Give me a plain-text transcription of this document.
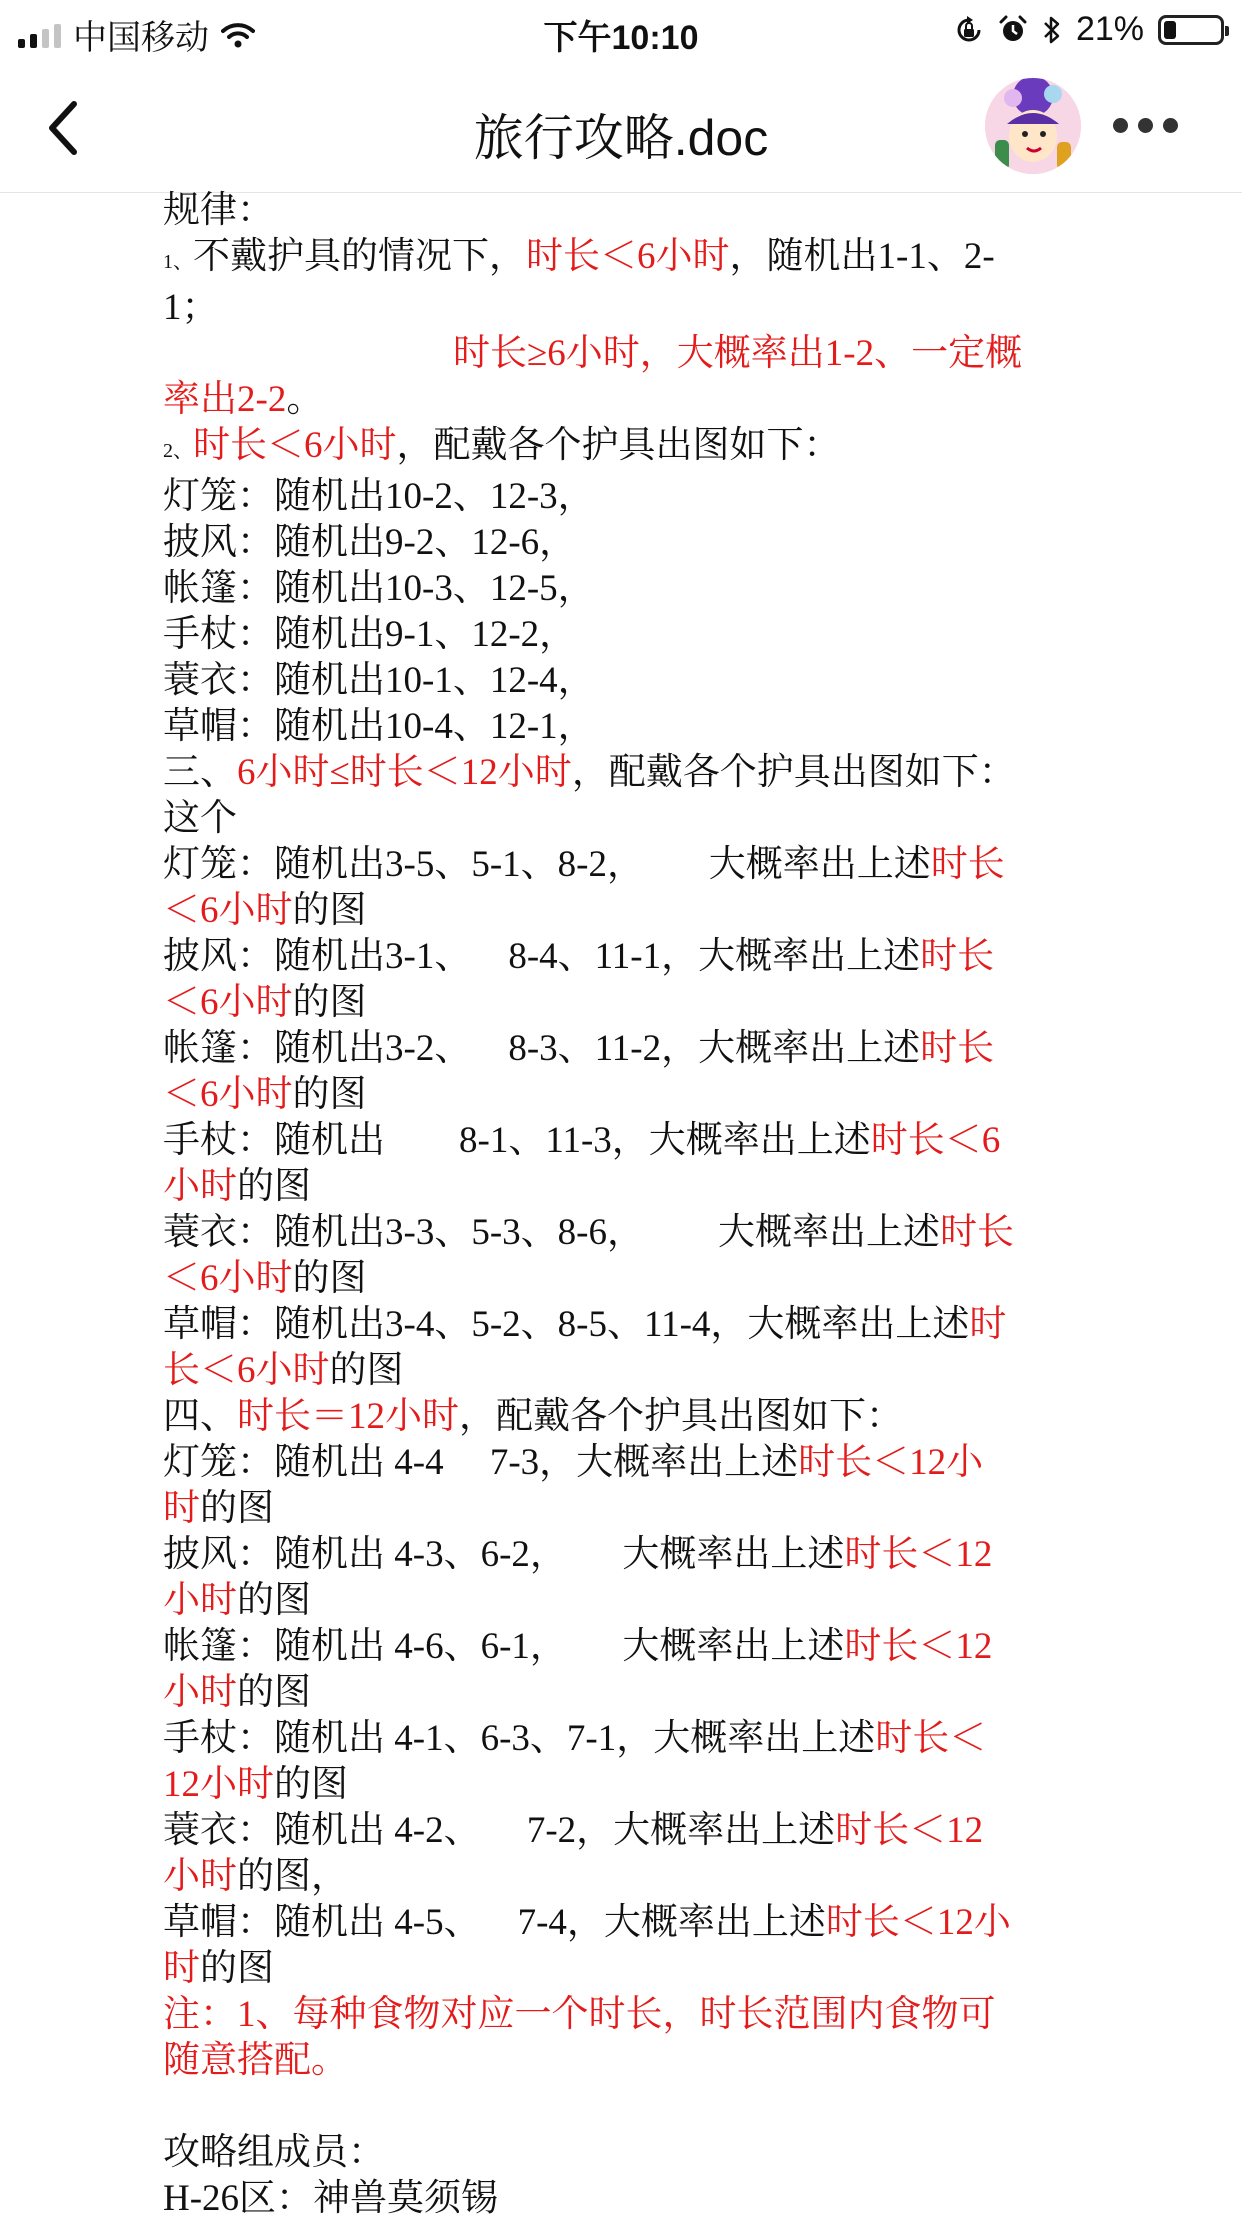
中国移动	下午10:10	21%
旅行攻略.doc

规律：

1、不戴护具的情况下，时长＜6小时，随机出1-1、2-

1；

时长≥6小时，大概率出1-2、一定概

率出2-2。

2、时长＜6小时，配戴各个护具出图如下：

灯笼：随机出10-2、12-3，

披风：随机出9-2、12-6，

帐篷：随机出10-3、12-5，

手杖：随机出9-1、12-2，

蓑衣：随机出10-1、12-4，

草帽：随机出10-4、12-1，

三、6小时≤时长＜12小时，配戴各个护具出图如下：

这个

灯笼：随机出3-5、5-1、8-2，       大概率出上述时长

＜6小时的图

披风：随机出3-1、    8-4、11-1，大概率出上述时长

＜6小时的图

帐篷：随机出3-2、    8-3、11-2，大概率出上述时长

＜6小时的图

手杖：随机出        8-1、11-3，大概率出上述时长＜6

小时的图

蓑衣：随机出3-3、5-3、8-6，        大概率出上述时长

＜6小时的图

草帽：随机出3-4、5-2、8-5、11-4，大概率出上述时

长＜6小时的图

四、时长＝12小时，配戴各个护具出图如下：

灯笼：随机出 4-4     7-3，大概率出上述时长＜12小

时的图

披风：随机出 4-3、6-2，      大概率出上述时长＜12

小时的图

帐篷：随机出 4-6、6-1，      大概率出上述时长＜12

小时的图

手杖：随机出 4-1、6-3、7-1，大概率出上述时长＜

12小时的图

蓑衣：随机出 4-2、     7-2，大概率出上述时长＜12

小时的图，

草帽：随机出 4-5、    7-4，大概率出上述时长＜12小

时的图

注：1、每种食物对应一个时长，时长范围内食物可

随意搭配。

攻略组成员：

H-26区：神兽莫须锡
